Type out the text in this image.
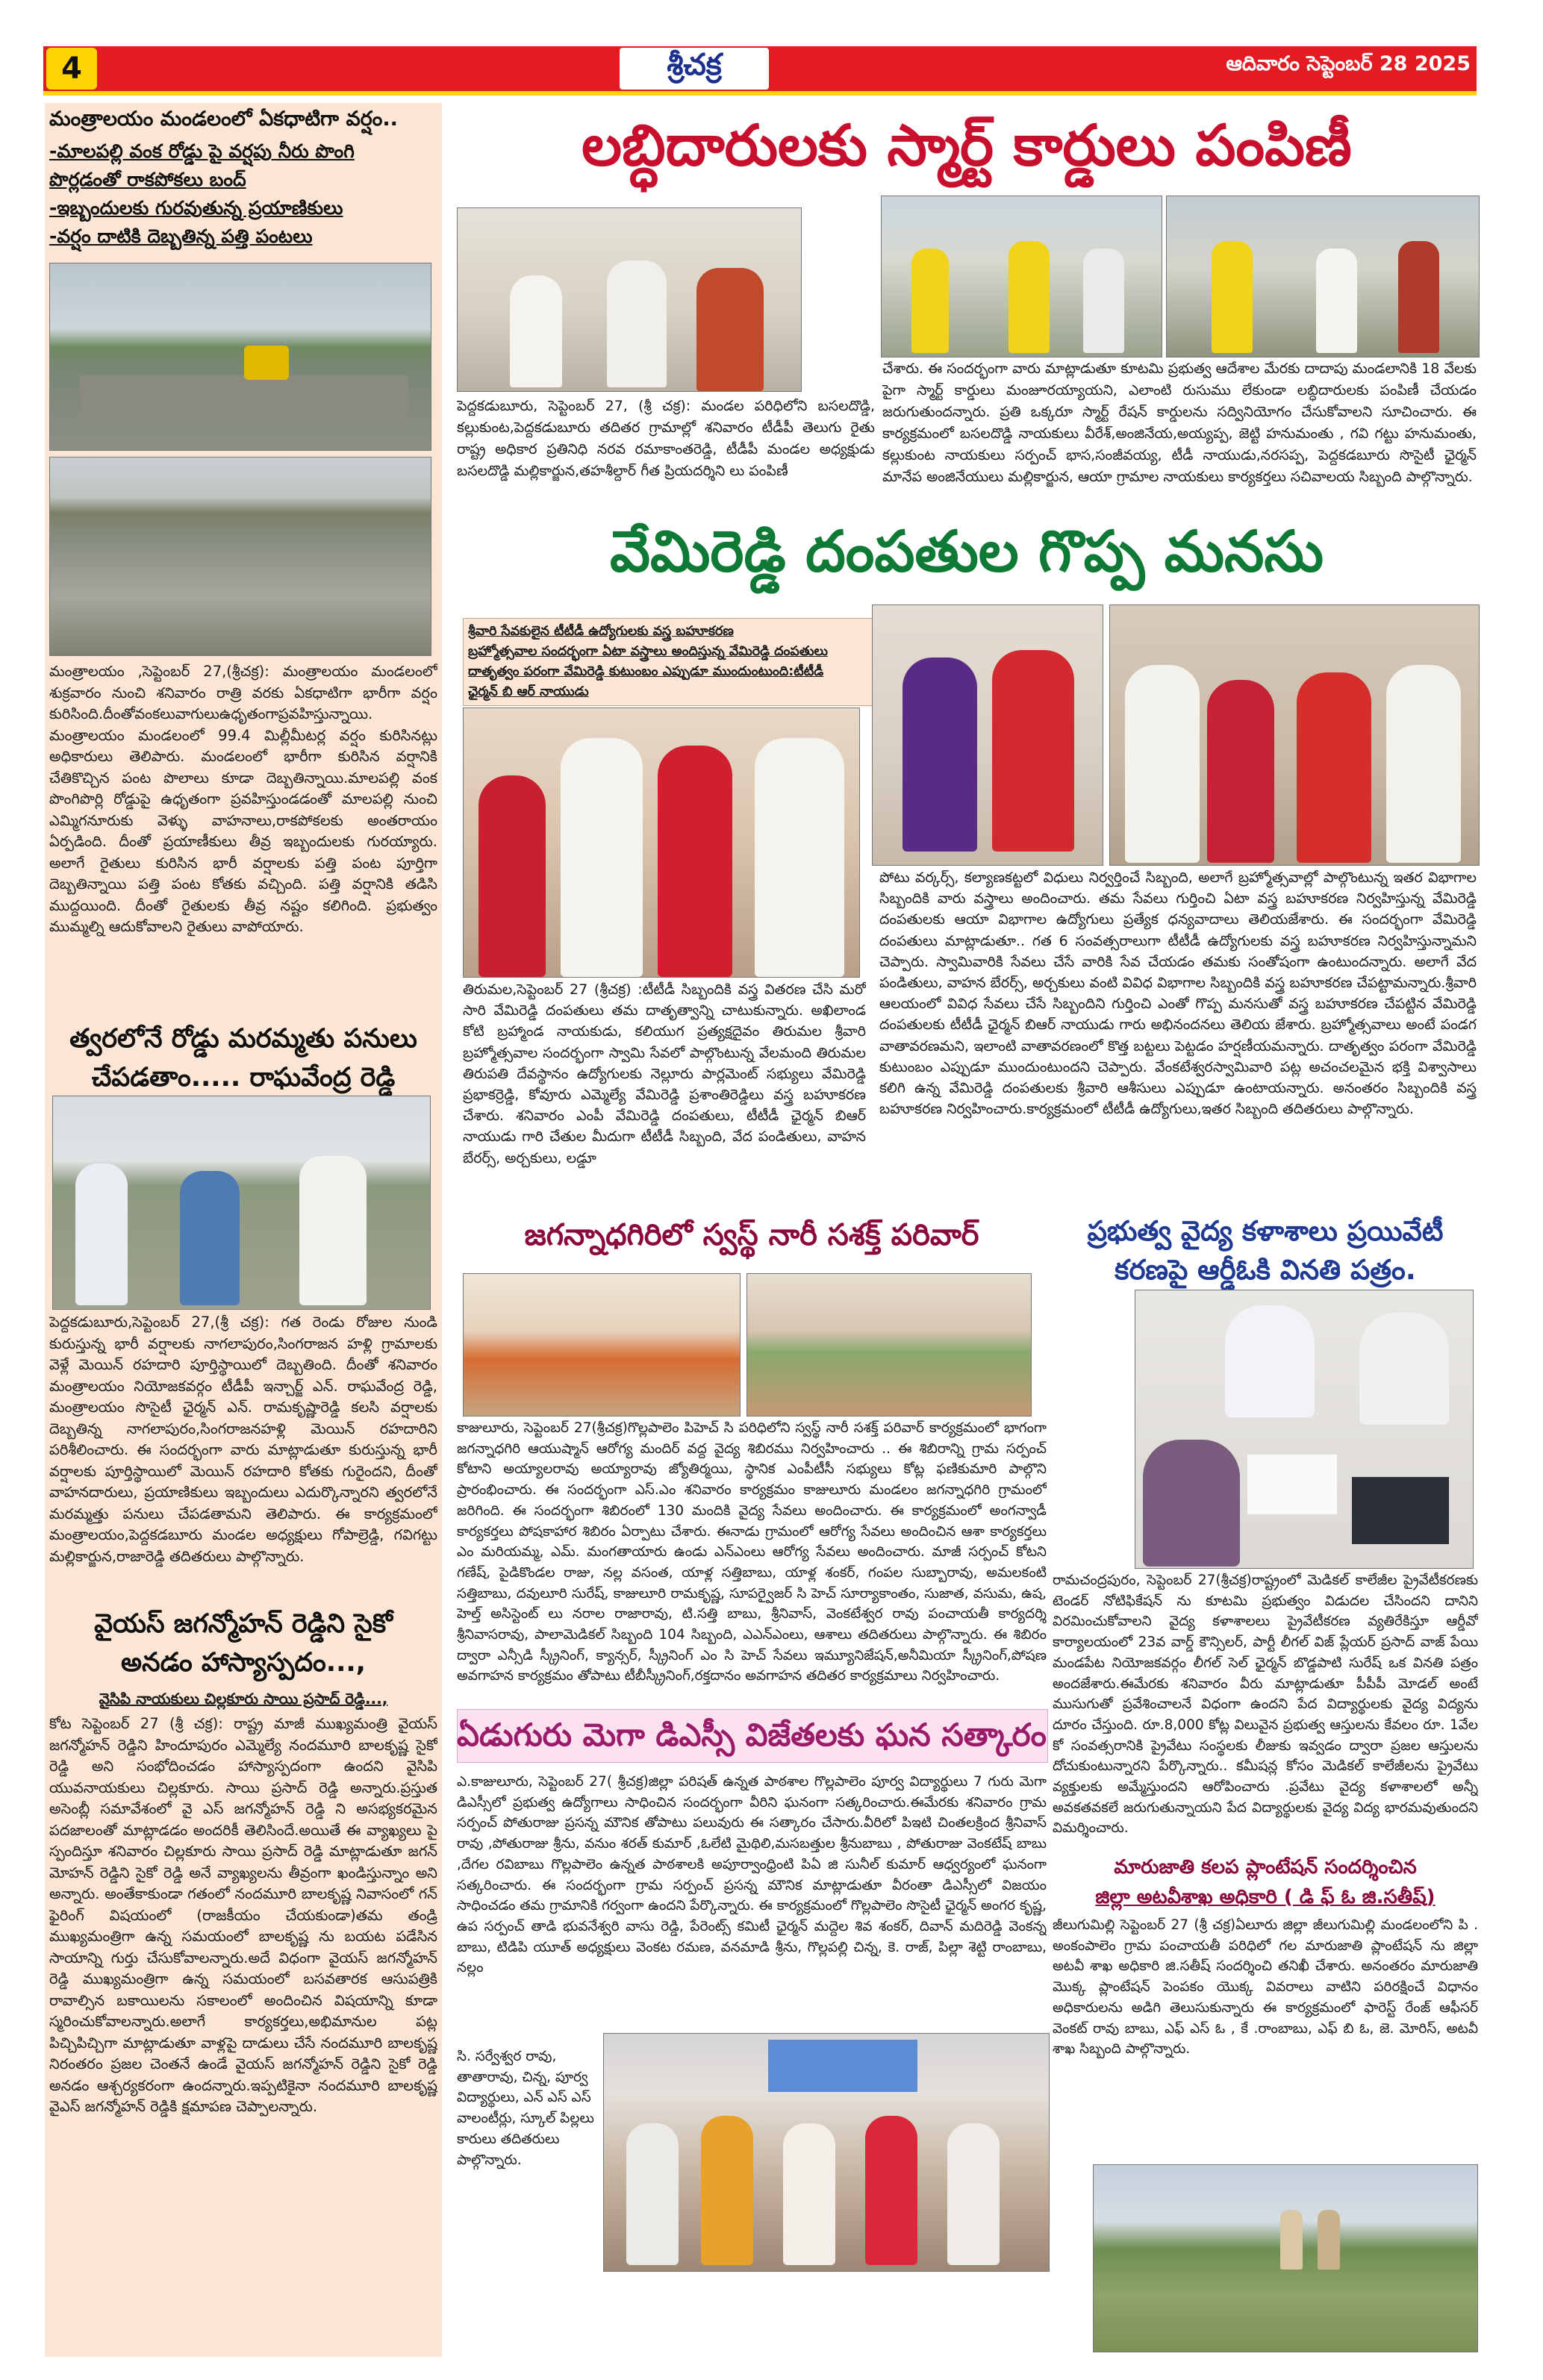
4	శ్రీచక్ర	ఆదివారం సెప్టెంబర్ 28 2025
మంత్రాలయం మండలంలో ఏకధాటిగా వర్షం..
-మాలపల్లి వంక రోడ్డు పై వర్షపు నీరు పొంగి
పొర్లడంతో రాకపోకలు బంద్
-ఇబ్బందులకు గురవుతున్న ప్రయాణికులు
-వర్షం దాటికి దెబ్బతిన్న పత్తి పంటలు
మంత్రాలయం ,సెప్టెంబర్ 27,(శ్రీచక్ర): మంత్రాలయం మండలంలో శుక్రవారం నుంచి శనివారం రాత్రి వరకు ఏకధాటిగా భారీగా వర్షం కురిసింది.దీంతోవంకలువాగులుఉధృతంగాప్రవహిస్తున్నాయి. మంత్రాలయం మండలంలో 99.4 మిల్లీమీటర్ల వర్షం కురిసినట్లు అధికారులు తెలిపారు. మండలంలో భారీగా కురిసిన వర్షానికి చేతికొచ్చిన పంట పొలాలు కూడా దెబ్బతిన్నాయి.మాలపల్లి వంక పొంగిపొర్లి రోడ్డుపై ఉధృతంగా ప్రవహిస్తుండడంతో మాలపల్లి నుంచి ఎమ్మిగనూరుకు వెళ్ళు వాహనాలు,రాకపోకలకు అంతరాయం ఏర్పడింది. దీంతో ప్రయాణీకులు తీవ్ర ఇబ్బందులకు గురయ్యారు. అలాగే రైతులు కురిసిన భారీ వర్షాలకు పత్తి పంట పూర్తిగా దెబ్బతిన్నాయి పత్తి పంట కోతకు వచ్చింది. పత్తి వర్షానికి తడిసి ముద్దయింది. దీంతో రైతులకు తీవ్ర నష్టం కలిగింది. ప్రభుత్వం ముమ్మల్ని ఆదుకోవాలని రైతులు వాపోయారు.
త్వరలోనే రోడ్డు మరమ్మతు పనులు
చేపడతాం..... రాఘవేంద్ర రెడ్డి
పెద్దకడుబూరు,సెప్టెంబర్ 27,(శ్రీ చక్ర): గత రెండు రోజుల నుండి కురుస్తున్న భారీ వర్షాలకు నాగలాపురం,సింగరాజన హళ్లి గ్రామాలకు వెళ్లే మెయిన్ రహదారి పూర్తిస్థాయిలో దెబ్బతింది. దీంతో శనివారం మంత్రాలయం నియోజకవర్గం టీడీపీ ఇన్చార్జ్ ఎన్. రాఘవేంద్ర రెడ్డి, మంత్రాలయం సొసైటీ ఛైర్మన్ ఎన్. రామకృష్ణారెడ్డి కలసి వర్షాలకు దెబ్బతిన్న నాగలాపురం,సింగరాజనహళ్లి మెయిన్ రహదారిని పరిశీలించారు. ఈ సందర్భంగా వారు మాట్లాడుతూ కురుస్తున్న భారీ వర్షాలకు పూర్తిస్థాయిలో మెయిన్ రహదారి కోతకు గురైందని, దీంతో వాహనదారులు, ప్రయాణికులు ఇబ్బందులు ఎదుర్కొన్నారని త్వరలోనే మరమ్మత్తు పనులు చేపడతామని తెలిపారు. ఈ కార్యక్రమంలో మంత్రాలయం,పెద్దకడబూరు మండల అధ్యక్షులు గోపాల్రెడ్డి, గవిగట్టు మల్లికార్జున,రాజారెడ్డి తదితరులు పాల్గొన్నారు.
వైయస్ జగన్మోహన్ రెడ్డిని సైకో
అనడం హాస్యాస్పదం...,
వైసిపి నాయకులు చిల్లకూరు సాయి ప్రసాద్ రెడ్డి...,
కోట సెప్టెంబర్ 27 (శ్రీ చక్ర): రాష్ట్ర మాజీ ముఖ్యమంత్రి వైయస్ జగన్మోహన్ రెడ్డిని హిందూపురం ఎమ్మెల్యే నందమూరి బాలకృష్ణ సైకో రెడ్డి అని సంభోదించడం హాస్యాస్పదంగా ఉందని వైసిపి యువనాయకులు చిల్లకూరు. సాయి ప్రసాద్ రెడ్డి అన్నారు.ప్రస్తుత అసెంబ్లీ సమావేశంలో వై ఎస్ జగన్మోహన్ రెడ్డి ని అసభ్యకరమైన పదజాలంతో మాట్లాడడం అందరికీ తెలిసిందే.అయితే ఈ వ్యాఖ్యలు పై స్పందిస్తూ శనివారం చిల్లకూరు సాయి ప్రసాద్ రెడ్డి మాట్లాడుతూ జగన్ మోహన్ రెడ్డిని సైకో రెడ్డి అనే వ్యాఖ్యలను తీవ్రంగా ఖండిస్తున్నాం అని అన్నారు. అంతేకాకుండా గతంలో నందమూరి బాలకృష్ణ నివాసంలో గన్ ఫైరింగ్ విషయంలో (రాజకీయం చేయకుండా)తమ తండ్రి ముఖ్యమంత్రిగా ఉన్న సమయంలో బాలకృష్ణ ను బయట పడేసిన సాయాన్ని గుర్తు చేసుకోవాలన్నారు.అదే విధంగా వైయస్ జగన్మోహన్ రెడ్డి ముఖ్యమంత్రిగా ఉన్న సమయంలో బసవతారక ఆసుపత్రికి రావాల్సిన బకాయిలను సకాలంలో అందించిన విషయాన్ని కూడా స్మరించుకోవాలన్నారు.అలాగే కార్యకర్తలు,అభిమానుల పట్ల పిచ్చిపిచ్చిగా మాట్లాడుతూ వాళ్లపై దాడులు చేసే నందమూరి బాలకృష్ణ నిరంతరం ప్రజల చెంతనే ఉండే వైయస్ జగన్మోహన్ రెడ్డిని సైకో రెడ్డి అనడం ఆశ్చర్యకరంగా ఉందన్నారు.ఇప్పటికైనా నందమూరి బాలకృష్ణ వైఎస్ జగన్మోహన్ రెడ్డికి క్షమాపణ చెప్పాలన్నారు.
లబ్ధిదారులకు స్మార్ట్ కార్డులు పంపిణీ
పెద్దకడుబూరు, సెప్టెంబర్ 27, (శ్రీ చక్ర): మండల పరిధిలోని బసలదొడ్డి, కల్లుకుంట,పెద్దకడుబూరు తదితర గ్రామాల్లో శనివారం టీడీపీ తెలుగు రైతు రాష్ట్ర అధికార ప్రతినిధి నరవ రమాకాంతరెడ్డి, టీడీపీ మండల అధ్యక్షుడు బసలదొడ్డి మల్లికార్జున,తహశీల్దార్ గీత ప్రియదర్శిని లు పంపిణీ
చేశారు. ఈ సందర్భంగా వారు మాట్లాడుతూ కూటమి ప్రభుత్వ ఆదేశాల మేరకు దాదాపు మండలానికి 18 వేలకు పైగా స్మార్ట్ కార్డులు మంజూరయ్యాయని, ఎలాంటి రుసుము లేకుండా లబ్ధిదారులకు పంపిణీ చేయడం జరుగుతుందన్నారు. ప్రతి ఒక్కరూ స్మార్ట్ రేషన్ కార్డులను సద్వినియోగం చేసుకోవాలని సూచించారు. ఈ కార్యక్రమంలో బసలదొడ్డి నాయకులు వీరేశ్,అంజినేయ,అయ్యప్ప, జెట్టి హనుమంతు , గవి గట్టు హనుమంతు, కల్లుకుంట నాయకులు సర్పంచ్ భాస,సంజీవయ్య, టీడీ నాయుడు,నరసప్ప, పెద్దకడబూరు సొసైటీ ఛైర్మన్ మానేప అంజినేయులు మల్లికార్జున, ఆయా గ్రామాల నాయకులు కార్యకర్తలు సచివాలయ సిబ్బంది పాల్గొన్నారు.
వేమిరెడ్డి దంపతుల గొప్ప మనసు
శ్రీవారి సేవకులైన టీటీడీ ఉద్యోగులకు వస్త్ర బహూకరణ
బ్రహ్మోత్సవాల సందర్భంగా ఏటా వస్త్రాలు అందిస్తున్న వేమిరెడ్డి దంపతులు
దాతృత్వం పరంగా వేమిరెడ్డి కుటుంబం ఎప్పుడూ ముందుంటుంది:టీటీడీ
ఛైర్మన్ బి ఆర్ నాయుడు
తిరుమల,సెప్టెంబర్ 27 (శ్రీచక్ర) :టీటీడీ సిబ్బందికి వస్త్ర వితరణ చేసి మరో సారి వేమిరెడ్డి దంపతులు తమ దాతృత్వాన్ని చాటుకున్నారు. అఖిలాండ కోటి బ్రహ్మాండ నాయకుడు, కలియుగ ప్రత్యక్షదైవం తిరుమల శ్రీవారి బ్రహ్మోత్సవాల సందర్భంగా స్వామి సేవలో పాల్గొంటున్న వేలమంది తిరుమల తిరుపతి దేవస్థానం ఉద్యోగులకు నెల్లూరు పార్లమెంట్ సభ్యులు వేమిరెడ్డి ప్రభాకర్రెడ్డి, కోవూరు ఎమ్మెల్యే వేమిరెడ్డి ప్రశాంతిరెడ్డిలు వస్త్ర బహూకరణ చేశారు. శనివారం ఎంపీ వేమిరెడ్డి దంపతులు, టీటీడీ ఛైర్మన్ బిఆర్ నాయుడు గారి చేతుల మీదుగా టీటీడీ సిబ్బంది, వేద పండితులు, వాహన బేరర్స్, అర్చకులు, లడ్డూ
పోటు వర్కర్స్, కల్యాణకట్టలో విధులు నిర్వర్తించే సిబ్బంది, అలాగే బ్రహ్మోత్సవాల్లో పాల్గొంటున్న ఇతర విభాగాల సిబ్బందికి వారు వస్త్రాలు అందించారు. తమ సేవలు గుర్తించి ఏటా వస్త్ర బహూకరణ నిర్వహిస్తున్న వేమిరెడ్డి దంపతులకు ఆయా విభాగాల ఉద్యోగులు ప్రత్యేక ధన్యవాదాలు తెలియజేశారు. ఈ సందర్భంగా వేమిరెడ్డి దంపతులు మాట్లాడుతూ.. గత 6 సంవత్సరాలుగా టీటీడీ ఉద్యోగులకు వస్త్ర బహూకరణ నిర్వహిస్తున్నామని చెప్పారు. స్వామివారికి సేవలు చేసే వారికి సేవ చేయడం తమకు సంతోషంగా ఉంటుందన్నారు. అలాగే వేద పండితులు, వాహన బేరర్స్, అర్చకులు వంటి వివిధ విభాగాల సిబ్బందికి వస్త్ర బహూకరణ చేపట్టామన్నారు.శ్రీవారి ఆలయంలో వివిధ సేవలు చేసే సిబ్బందిని గుర్తించి ఎంతో గొప్ప మనసుతో వస్త్ర బహూకరణ చేపట్టిన వేమిరెడ్డి దంపతులకు టీటీడీ ఛైర్మన్ బిఆర్ నాయుడు గారు అభినందనలు తెలియ జేశారు. బ్రహ్మోత్సవాలు అంటే పండగ వాతావరణమని, ఇలాంటి వాతావరణంలో కొత్త బట్టలు పెట్టడం హర్షణీయమన్నారు. దాతృత్వం పరంగా వేమిరెడ్డి కుటుంబం ఎప్పుడూ ముందుంటుందని చెప్పారు. వేంకటేశ్వరస్వామివారి పట్ల అచంచలమైన భక్తి విశ్వాసాలు కలిగి ఉన్న వేమిరెడ్డి దంపతులకు శ్రీవారి ఆశీసులు ఎప్పుడూ ఉంటాయన్నారు. అనంతరం సిబ్బందికి వస్త్ర బహూకరణ నిర్వహించారు.కార్యక్రమంలో టీటీడీ ఉద్యోగులు,ఇతర సిబ్బంది తదితరులు పాల్గొన్నారు.
జగన్నాధగిరిలో స్వస్థ్ నారీ సశక్త్ పరివార్
కాజులూరు, సెప్టెంబర్ 27(శ్రీచక్ర)గొల్లపాలెం పిహెచ్ సి పరిధిలోని స్వస్థ్ నారీ సశక్త్ పరివార్ కార్యక్రమంలో భాగంగా జగన్నాధగిరి ఆయుష్మాన్ ఆరోగ్య మందిర్ వద్ద వైద్య శిబిరము నిర్వహించారు .. ఈ శిబిరాన్ని గ్రామ సర్పంచ్ కోటాని అయ్యాలరావు అయ్యారావు జ్యోతిర్మయి, స్థానిక ఎంపీటీసీ సభ్యులు కోట్ల ఫణికుమారి పాల్గొని ప్రారంభించారు. ఈ సందర్భంగా ఎస్.ఎం శనివారం కార్యక్రమం కాజులూరు మండలం జగన్నాధగిరి గ్రామంలో జరిగింది. ఈ సందర్భంగా శిబిరంలో 130 మందికి వైద్య సేవలు అందించారు. ఈ కార్యక్రమంలో అంగన్వాడీ కార్యకర్తలు పోషకాహార శిబిరం ఏర్పాటు చేశారు. ఈనాడు గ్రామంలో ఆరోగ్య సేవలు అందించిన ఆశా కార్యకర్తలు ఎం మరియమ్మ, ఎమ్. మంగతాయారు ఉండు ఎన్ఎంలు ఆరోగ్య సేవలు అందించారు. మాజీ సర్పంచ్ కోటని గణేష్, పైడికొండల రాజు, నల్ల వసంత, యాళ్ల సత్తిబాబు, యాళ్ల శంకర్, గంపల సుబ్బారావు, అమలకంటి సత్తిబాబు, దవులూరి సురేష్, కాజులూరి రామకృష్ణ, సూపర్వైజర్ సి హెచ్ సూర్యాకాంతం, సుజాత, వసుమ, ఉష, హెల్త్ అసిస్టెంట్ లు నరాల రాజారావు, టి.సత్తి బాబు, శ్రీనివాస్, వెంకటేశ్వర రావు పంచాయతీ కార్యదర్శి శ్రీనివాసరావు, పాలామెడికల్ సిబ్బంది 104 సిబ్బంది, ఎఎన్ఎంలు, ఆశాలు తదితరులు పాల్గొన్నారు. ఈ శిబిరం ద్వారా ఎన్సీడి స్క్రీనింగ్, క్యాన్సర్, స్క్రీనింగ్ ఎం సి హెచ్ సేవలు ఇమ్యూనిజేషన్,అనీమియా స్క్రీనింగ్,పోషణ అవగాహన కార్యక్రమం తోపాటు టీబీస్క్రీనింగ్,రక్తదానం అవగాహన తదితర కార్యక్రమాలు నిర్వహించారు.
ప్రభుత్వ వైద్య కళాశాలు ప్రయివేటీ
కరణపై ఆర్డీఓకి వినతి పత్రం.
రామచంద్రపురం, సెప్టెంబర్ 27(శ్రీచక్ర)రాష్ట్రంలో మెడికల్ కాలేజీల ప్రైవేటీకరణకు టెండర్ నోటిఫికేషన్ ను కూటమి ప్రభుత్వం విడుదల చేసిందని దానిని విరమించుకోవాలని వైద్య కళాశాలలు ప్రైవేటీకరణ వ్యతిరేకిస్తూ ఆర్డీవో కార్యాలయంలో 23వ వార్డ్ కౌన్సిలర్, పార్టీ లీగల్ విజ్ ప్లేయర్ ప్రసాద్ వాజ్ పేయి మండపేట నియోజకవర్గం లీగల్ సెల్ ఛైర్మన్ బొడ్డపాటి సురేష్ ఒక వినతి పత్రం అందజేశారు.ఈమేరకు శనివారం వీరు మాట్లాడుతూ పీపీపీ మోడల్ అంటే ముసుగుతో ప్రవేశించాలనే విధంగా ఉందని పేద విద్యార్థులకు వైద్య విద్యను దూరం చేస్తుంది. రూ.8,000 కోట్ల విలువైన ప్రభుత్వ ఆస్తులను కేవలం రూ. 1వేల కో సంవత్సరానికి ప్రైవేటు సంస్థలకు లీజుకు ఇవ్వడం ద్వారా ప్రజల ఆస్తులను దోచుకుంటున్నారని పేర్కొన్నారు.. కమీషన్ల కోసం మెడికల్ కాలేజీలను ప్రైవేటు వ్యక్తులకు అమ్మేస్తుందని ఆరోపించారు .ప్రవేటు వైద్య కళాశాలలో అన్నీ అవకతవకలే జరుగుతున్నాయని పేద విద్యార్థులకు వైద్య విద్య భారమవుతుందని విమర్శించారు.
ఏడుగురు మెగా డిఎస్సీ విజేతలకు ఘన సత్కారం
ఎ.కాజులూరు, సెప్టెంబర్ 27( శ్రీచక్ర)జిల్లా పరిషత్ ఉన్నత పాఠశాల గొల్లపాలెం పూర్వ విద్యార్థులు 7 గురు మెగా డిఎస్సీలో ప్రభుత్వ ఉద్యోగాలు సాధించిన సందర్భంగా వీరిని ఘనంగా సత్కరించారు.ఈమేరకు శనివారం గ్రామ సర్పంచ్ పోతురాజు ప్రసన్న మౌనిక తోపాటు పలువురు ఈ సత్కారం చేసారు.వీరిలో పిఇటి చింతలక్రింద శ్రీనివాస్ రావు ,పోతురాజు శ్రీను, వనుం శరత్ కుమార్ ,ఓలేటి మైథిలి,మసబత్తుల శ్రీనుబాబు , పోతురాజు వెంకటేష్ బాబు ,దేగల రవిబాబు గొల్లపాలెం ఉన్నత పాఠశాలకి అపూర్వాంధ్రింటి పిఏ జి సునీల్ కుమార్ ఆధ్వర్యంలో ఘనంగా సత్కరించారు. ఈ సందర్భంగా గ్రామ సర్పంచ్ ప్రసన్న మౌనిక మాట్లాడుతూ వీరంతా డిఎస్సీలో విజయం సాధించడం తమ గ్రామానికి గర్వంగా ఉందని పేర్కొన్నారు. ఈ కార్యక్రమంలో గొల్లపాలెం సొసైటీ ఛైర్మన్ అంగర కృష్ణ, ఉప సర్పంచ్ తాడి భువనేశ్వరి వాసు రెడ్డి, పేరెంట్స్ కమిటీ ఛైర్మన్ మద్దెల శివ శంకర్, దివాన్ మదిరెడ్డి వెంకన్న బాబు, టిడిపి యూత్ అధ్యక్షులు వెంకట రమణ, వనమాడి శ్రీను, గొల్లపల్లి చిన్న, కె. రాజ్, పిల్లా శెట్టి రాంబాబు, నల్లం
సి. సర్వేశ్వర రావు, తాతారావు, చిన్న, పూర్వ విద్యార్థులు, ఎన్ ఎస్ ఎస్ వాలంటీర్లు, స్కూల్ పిల్లలు కారులు తదితరులు పాల్గొన్నారు.
మారుజాతి కలప ప్లాంటేషన్ సందర్శించిన
జిల్లా అటవీశాఖ అధికారి ( డి ఫ్ ఓ జి.సతీష్)
జీలుగుమిల్లి సెప్టెంబర్ 27 (శ్రీ చక్ర)ఏలూరు జిల్లా జీలుగుమిల్లి మండలంలోని పి . అంకంపాలెం గ్రామ పంచాయతీ పరిధిలో గల మారుజాతి ప్లాంటేషన్ ను జిల్లా అటవీ శాఖ అధికారి జి.సతీష్ సందర్శించి తనిఖీ చేశారు. అనంతరం మారుజాతి మొక్క ప్లాంటేషన్ పెంపకం యొక్క వివరాలు వాటిని పరిరక్షించే విధానం అధికారులను అడిగి తెలుసుకున్నారు ఈ కార్యక్రమంలో ఫారెస్ట్ రేంజ్ ఆఫీసర్ వెంకట్ రావు బాబు, ఎఫ్ ఎస్ ఓ , కే .రాంబాబు, ఎఫ్ బి ఓ, జె. మోరిస్, అటవీ శాఖ సిబ్బంది పాల్గొన్నారు.
